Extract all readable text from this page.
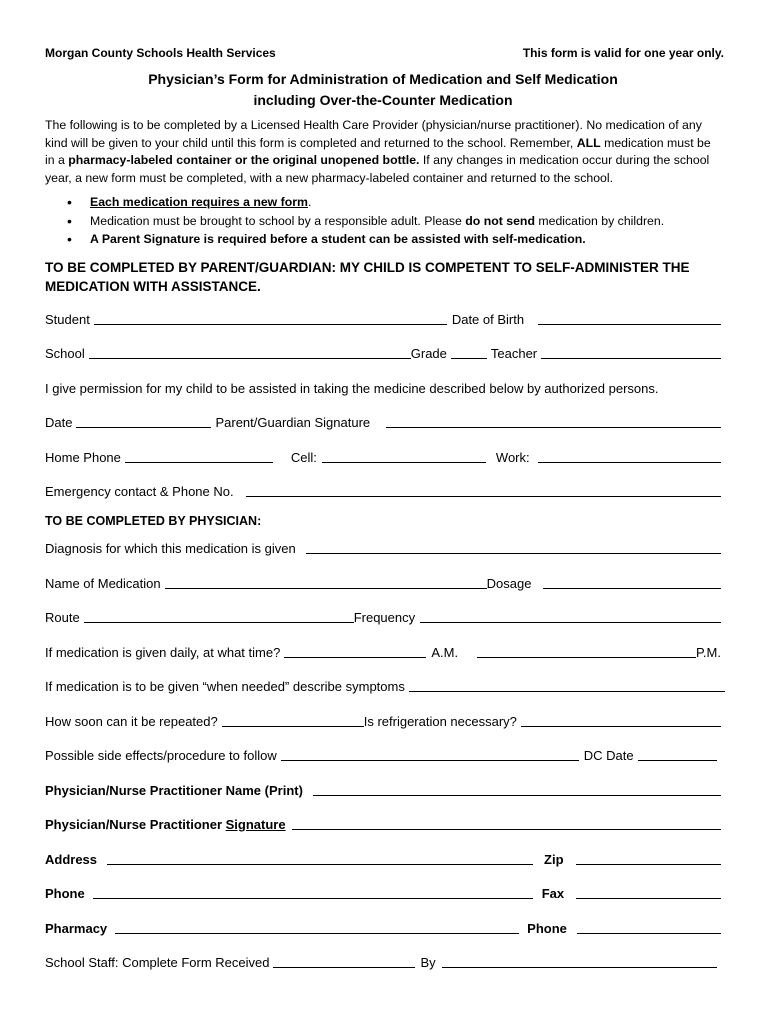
Morgan County Schools Health Services	This form is valid for one year only.
Physician’s Form for Administration of Medication and Self Medication
including Over-the-Counter Medication
The following is to be completed by a Licensed Health Care Provider (physician/nurse practitioner). No medication of any kind will be given to your child until this form is completed and returned to the school. Remember, ALL medication must be in a pharmacy-labeled container or the original unopened bottle. If any changes in medication occur during the school year, a new form must be completed, with a new pharmacy-labeled container and returned to the school.
• Each medication requires a new form.
• Medication must be brought to school by a responsible adult. Please do not send medication by children.
• A Parent Signature is required before a student can be assisted with self-medication.
TO BE COMPLETED BY PARENT/GUARDIAN: MY CHILD IS COMPETENT TO SELF-ADMINISTER THE MEDICATION WITH ASSISTANCE.
Student	Date of Birth
School	Grade	Teacher
I give permission for my child to be assisted in taking the medicine described below by authorized persons.
Date	Parent/Guardian Signature
Home Phone	Cell:	Work:
Emergency contact & Phone No.
TO BE COMPLETED BY PHYSICIAN:
Diagnosis for which this medication is given
Name of Medication	Dosage
Route	Frequency
If medication is given daily, at what time?	A.M.	P.M.
If medication is to be given “when needed” describe symptoms
How soon can it be repeated?	Is refrigeration necessary?
Possible side effects/procedure to follow	DC Date
Physician/Nurse Practitioner Name (Print)
Physician/Nurse Practitioner Signature
Address	Zip
Phone	Fax
Pharmacy	Phone
School Staff: Complete Form Received	By
